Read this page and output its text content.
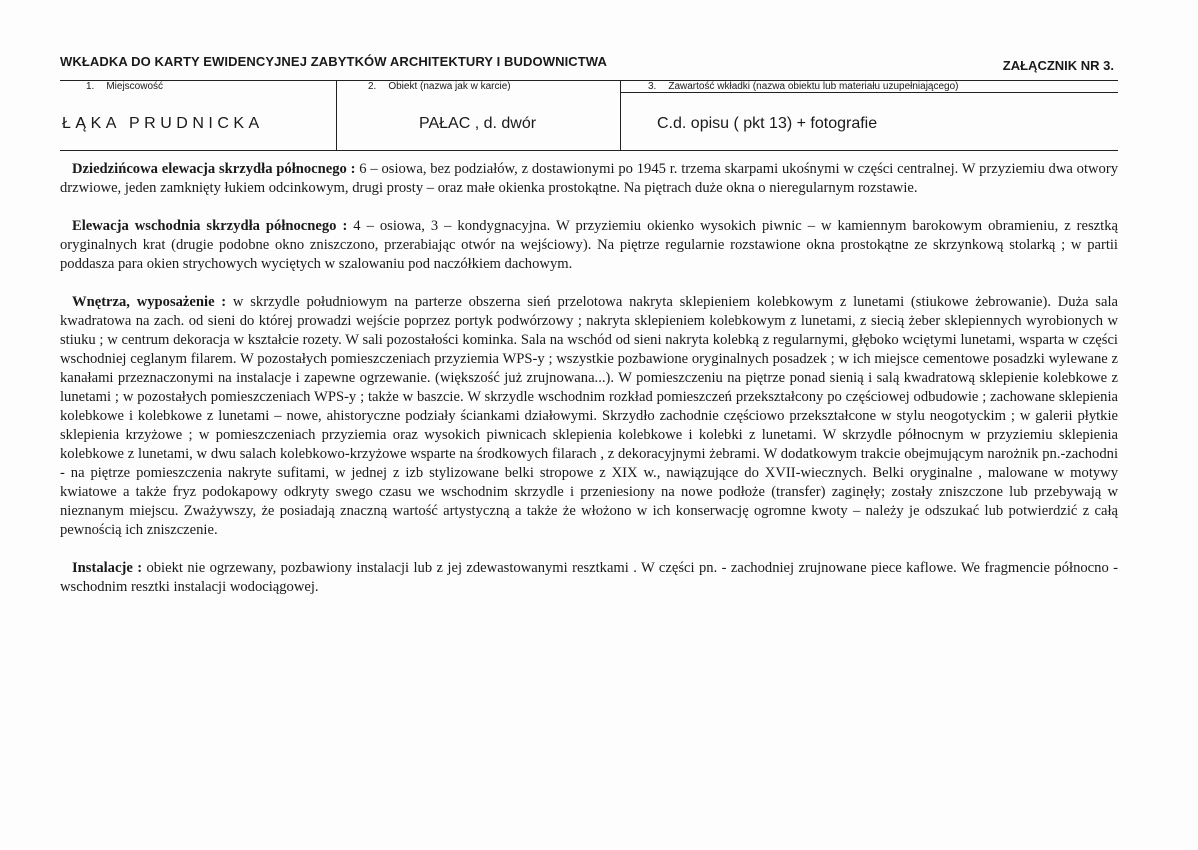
WKŁADKA DO KARTY EWIDENCYJNEJ ZABYTKÓW ARCHITEKTURY I BUDOWNICTWA	ZAŁĄCZNIK NR 3.
1. Miejscowość
ŁĄKA PRUDNICKA
2. Obiekt (nazwa jak w karcie)
PAŁAC , d. dwór
3. Zawartość wkładki (nazwa obiektu lub materiału uzupełniającego)
C.d. opisu ( pkt 13) + fotografie

Dziedzińcowa elewacja skrzydła północnego : 6 – osiowa, bez podziałów, z dostawionymi po 1945 r. trzema skarpami ukośnymi w części centralnej. W przyziemiu dwa otwory drzwiowe, jeden zamknięty łukiem odcinkowym, drugi prosty – oraz małe okienka prostokątne. Na piętrach duże okna o nieregularnym rozstawie.

Elewacja wschodnia skrzydła północnego : 4 – osiowa, 3 – kondygnacyjna. W przyziemiu okienko wysokich piwnic – w kamiennym barokowym obramieniu, z resztką oryginalnych krat (drugie podobne okno zniszczono, przerabiając otwór na wejściowy). Na piętrze regularnie rozstawione okna prostokątne ze skrzynkową stolarką ; w partii poddasza para okien strychowych wyciętych w szalowaniu pod naczółkiem dachowym.

Wnętrza, wyposażenie : w skrzydle południowym na parterze obszerna sień przelotowa nakryta sklepieniem kolebkowym z lunetami (stiukowe żebrowanie). Duża sala kwadratowa na zach. od sieni do której prowadzi wejście poprzez portyk podwórzowy ; nakryta sklepieniem kolebkowym z lunetami, z siecią żeber sklepiennych wyrobionych w stiuku ; w centrum dekoracja w kształcie rozety. W sali pozostałości kominka. Sala na wschód od sieni nakryta kolebką z regularnymi, głęboko wciętymi lunetami, wsparta w części wschodniej ceglanym filarem. W pozostałych pomieszczeniach przyziemia WPS-y ; wszystkie pozbawione oryginalnych posadzek ; w ich miejsce cementowe posadzki wylewane z kanałami przeznaczonymi na instalacje i zapewne ogrzewanie. (większość już zrujnowana...). W pomieszczeniu na piętrze ponad sienią i salą kwadratową sklepienie kolebkowe z lunetami ; w pozostałych pomieszczeniach WPS-y ; także w baszcie. W skrzydle wschodnim rozkład pomieszczeń przekształcony po częściowej odbudowie ; zachowane sklepienia kolebkowe i kolebkowe z lunetami – nowe, ahistoryczne podziały ściankami działowymi. Skrzydło zachodnie częściowo przekształcone w stylu neogotyckim ; w galerii płytkie sklepienia krzyżowe ; w pomieszczeniach przyziemia oraz wysokich piwnicach sklepienia kolebkowe i kolebki z lunetami. W skrzydle północnym w przyziemiu sklepienia kolebkowe z lunetami, w dwu salach kolebkowo-krzyżowe wsparte na środkowych filarach , z dekoracyjnymi żebrami. W dodatkowym trakcie obejmującym narożnik pn.-zachodni - na piętrze pomieszczenia nakryte sufitami, w jednej z izb stylizowane belki stropowe z XIX w., nawiązujące do XVII-wiecznych. Belki oryginalne , malowane w motywy kwiatowe a także fryz podokapowy odkryty swego czasu we wschodnim skrzydle i przeniesiony na nowe podłoże (transfer) zaginęły; zostały zniszczone lub przebywają w nieznanym miejscu. Zważywszy, że posiadają znaczną wartość artystyczną a także że włożono w ich konserwację ogromne kwoty – należy je odszukać lub potwierdzić z całą pewnością ich zniszczenie.

Instalacje : obiekt nie ogrzewany, pozbawiony instalacji lub z jej zdewastowanymi resztkami . W części pn. - zachodniej zrujnowane piece kaflowe. We fragmencie północno - wschodnim resztki instalacji wodociągowej.
